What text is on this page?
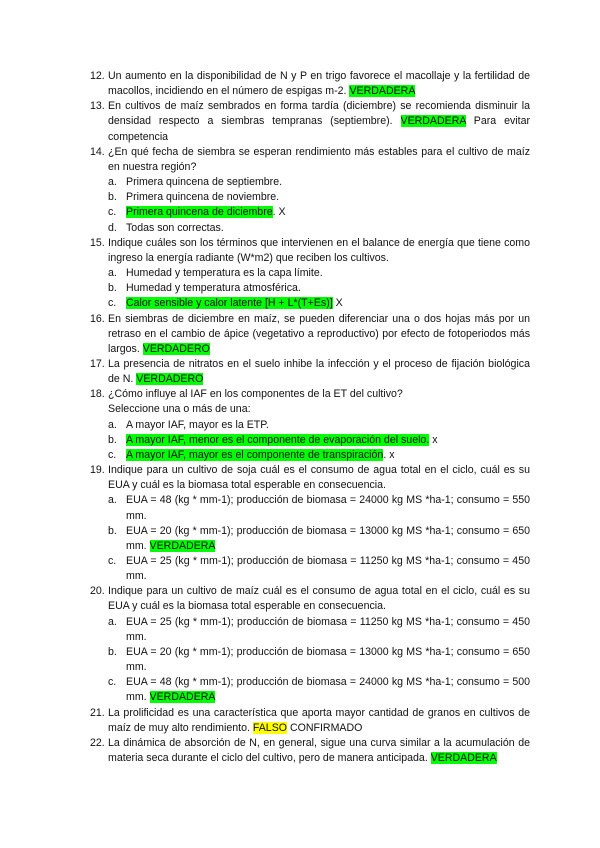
12. Un aumento en la disponibilidad de N y P en trigo favorece el macollaje y la fertilidad de macollos, incidiendo en el número de espigas m-2. VERDADERA
13. En cultivos de maíz sembrados en forma tardía (diciembre) se recomienda disminuir la densidad respecto a siembras tempranas (septiembre). VERDADERA Para evitar competencia
14. ¿En qué fecha de siembra se esperan rendimiento más estables para el cultivo de maíz en nuestra región?
a. Primera quincena de septiembre.
b. Primera quincena de noviembre.
c. Primera quincena de diciembre. X
d. Todas son correctas.
15. Indique cuáles son los términos que intervienen en el balance de energía que tiene como ingreso la energía radiante (W*m2) que reciben los cultivos.
a. Humedad y temperatura es la capa límite.
b. Humedad y temperatura atmosférica.
c. Calor sensible y calor latente [H + L*(T+Es)] X
16. En siembras de diciembre en maíz, se pueden diferenciar una o dos hojas más por un retraso en el cambio de ápice (vegetativo a reproductivo) por efecto de fotoperiodos más largos. VERDADERO
17. La presencia de nitratos en el suelo inhibe la infección y el proceso de fijación biológica de N. VERDADERO
18. ¿Cómo influye al IAF en los componentes de la ET del cultivo?
Seleccione una o más de una:
a. A mayor IAF, mayor es la ETP.
b. A mayor IAF, menor es el componente de evaporación del suelo. x
c. A mayor IAF, mayor es el componente de transpiración. x
19. Indique para un cultivo de soja cuál es el consumo de agua total en el ciclo, cuál es su EUA y cuál es la biomasa total esperable en consecuencia.
a. EUA = 48 (kg * mm-1); producción de biomasa = 24000 kg MS *ha-1; consumo = 550 mm.
b. EUA = 20 (kg * mm-1); producción de biomasa = 13000 kg MS *ha-1; consumo = 650 mm. VERDADERA
c. EUA = 25 (kg * mm-1); producción de biomasa = 11250 kg MS *ha-1; consumo = 450 mm.
20. Indique para un cultivo de maíz cuál es el consumo de agua total en el ciclo, cuál es su EUA y cuál es la biomasa total esperable en consecuencia.
a. EUA = 25 (kg * mm-1); producción de biomasa = 11250 kg MS *ha-1; consumo = 450 mm.
b. EUA = 20 (kg * mm-1); producción de biomasa = 13000 kg MS *ha-1; consumo = 650 mm.
c. EUA = 48 (kg * mm-1); producción de biomasa = 24000 kg MS *ha-1; consumo = 500 mm. VERDADERA
21. La prolificidad es una característica que aporta mayor cantidad de granos en cultivos de maíz de muy alto rendimiento. FALSO CONFIRMADO
22. La dinámica de absorción de N, en general, sigue una curva similar a la acumulación de materia seca durante el ciclo del cultivo, pero de manera anticipada. VERDADERA
